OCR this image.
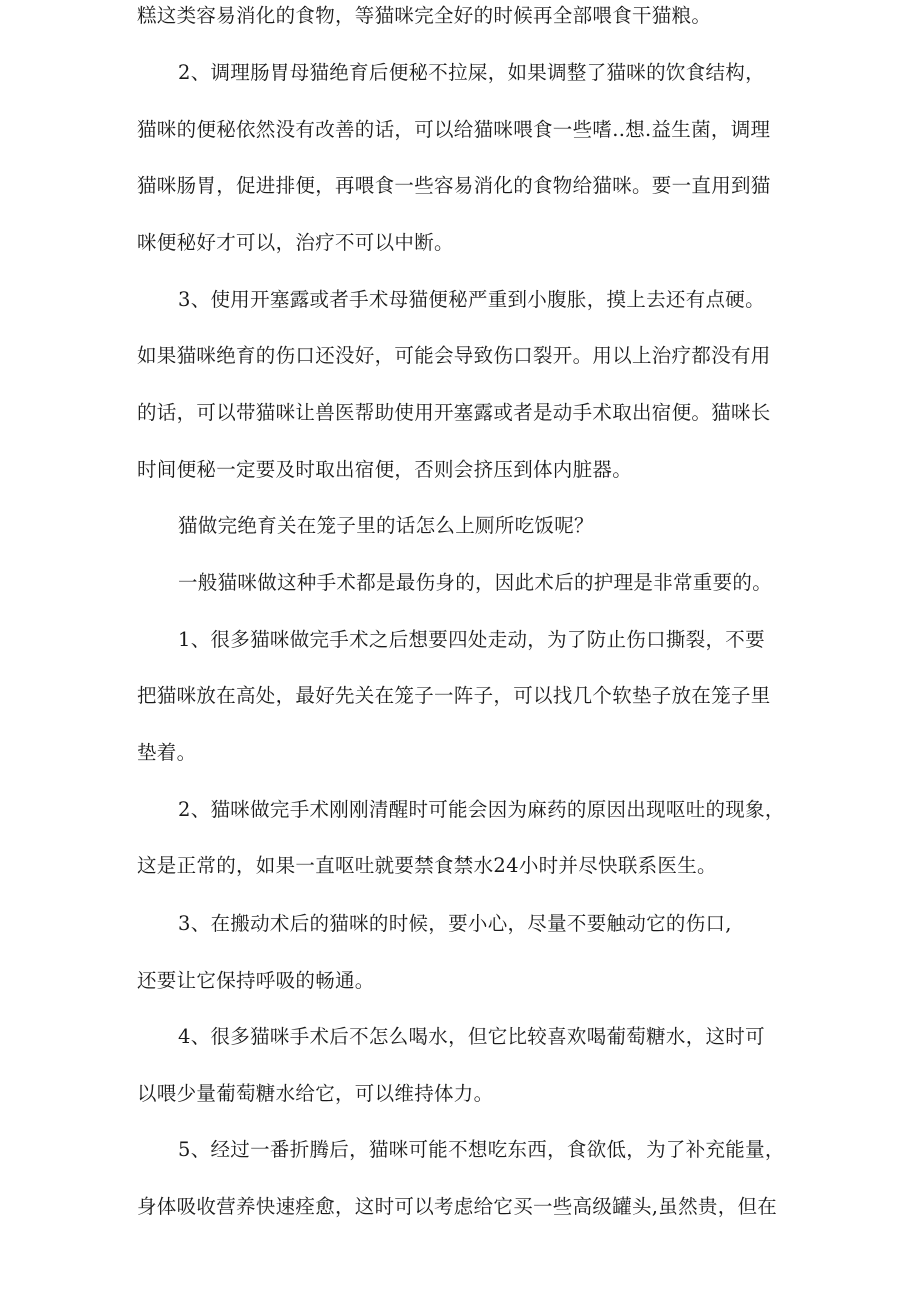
糕这类容易消化的食物，等猫咪完全好的时候再全部喂食干猫粮。

2、调理肠胃母猫绝育后便秘不拉屎，如果调整了猫咪的饮食结构，

猫咪的便秘依然没有改善的话，可以给猫咪喂食一些嗜..想.益生菌，调理

猫咪肠胃，促进排便，再喂食一些容易消化的食物给猫咪。要一直用到猫

咪便秘好才可以，治疗不可以中断。

3、使用开塞露或者手术母猫便秘严重到小腹胀，摸上去还有点硬。

如果猫咪绝育的伤口还没好，可能会导致伤口裂开。用以上治疗都没有用

的话，可以带猫咪让兽医帮助使用开塞露或者是动手术取出宿便。猫咪长

时间便秘一定要及时取出宿便，否则会挤压到体内脏器。

猫做完绝育关在笼子里的话怎么上厕所吃饭呢？

一般猫咪做这种手术都是最伤身的，因此术后的护理是非常重要的。

1、很多猫咪做完手术之后想要四处走动，为了防止伤口撕裂，不要

把猫咪放在高处，最好先关在笼子一阵子，可以找几个软垫子放在笼子里

垫着。

2、猫咪做完手术刚刚清醒时可能会因为麻药的原因出现呕吐的现象，

这是正常的，如果一直呕吐就要禁食禁水24小时并尽快联系医生。

3、在搬动术后的猫咪的时候，要小心，尽量不要触动它的伤口,

还要让它保持呼吸的畅通。

4、很多猫咪手术后不怎么喝水，但它比较喜欢喝葡萄糖水，这时可

以喂少量葡萄糖水给它，可以维持体力。

5、经过一番折腾后，猫咪可能不想吃东西，食欲低，为了补充能量，

身体吸收营养快速痊愈，这时可以考虑给它买一些高级罐头,虽然贵，但在
